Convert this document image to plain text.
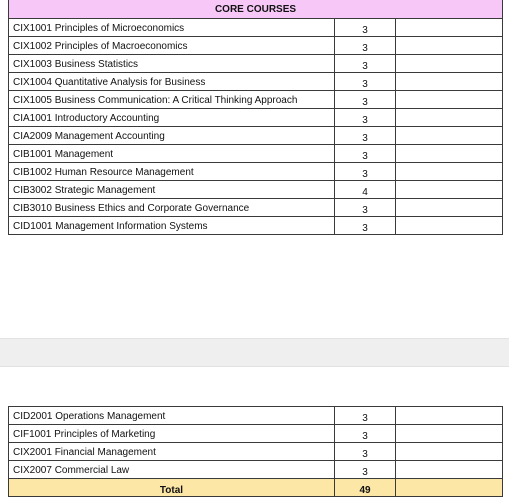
CORE COURSES		
CIX1001 Principles of Microeconomics	3	
CIX1002 Principles of Macroeconomics	3	
CIX1003 Business Statistics	3	
CIX1004 Quantitative Analysis for Business	3	
CIX1005 Business Communication: A Critical Thinking Approach	3	
CIA1001 Introductory Accounting	3	
CIA2009 Management Accounting	3	
CIB1001 Management	3	
CIB1002 Human Resource Management	3	
CIB3002 Strategic Management	4	
CIB3010 Business Ethics and Corporate Governance	3	
CID1001 Management Information Systems	3	
CID2001 Operations Management	3	
CIF1001 Principles of Marketing	3	
CIX2001 Financial Management	3	
CIX2007 Commercial Law	3	
Total	49	
